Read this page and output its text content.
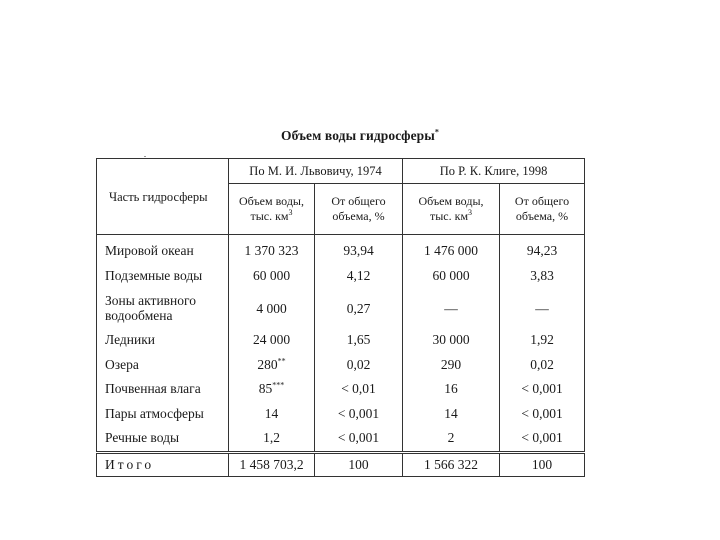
Объем воды гидросферы*
Часть гидросферы	По М. И. Львовичу, 1974		По Р. К. Клиге, 1998	
	Объем воды, тыс. $км^3$	От общего объема, %	Объем воды, тыс. $км^3$	От общего объема, %
Мировой океан	1 370 323	93,94	1 476 000	94,23
Подземные воды	60 000	4,12	60 000	3,83
Зоны активного водообмена	4 000	0,27	—	—
Ледники	24 000	1,65	30 000	1,92
Озера	280**	0,02	290	0,02
Почвенная влага	85***	< 0,01	16	< 0,001
Пары атмосферы	14	< 0,001	14	< 0,001
Речные воды	1,2	< 0,001	2	< 0,001
Итого	1 458 703,2	100	1 566 322	100
